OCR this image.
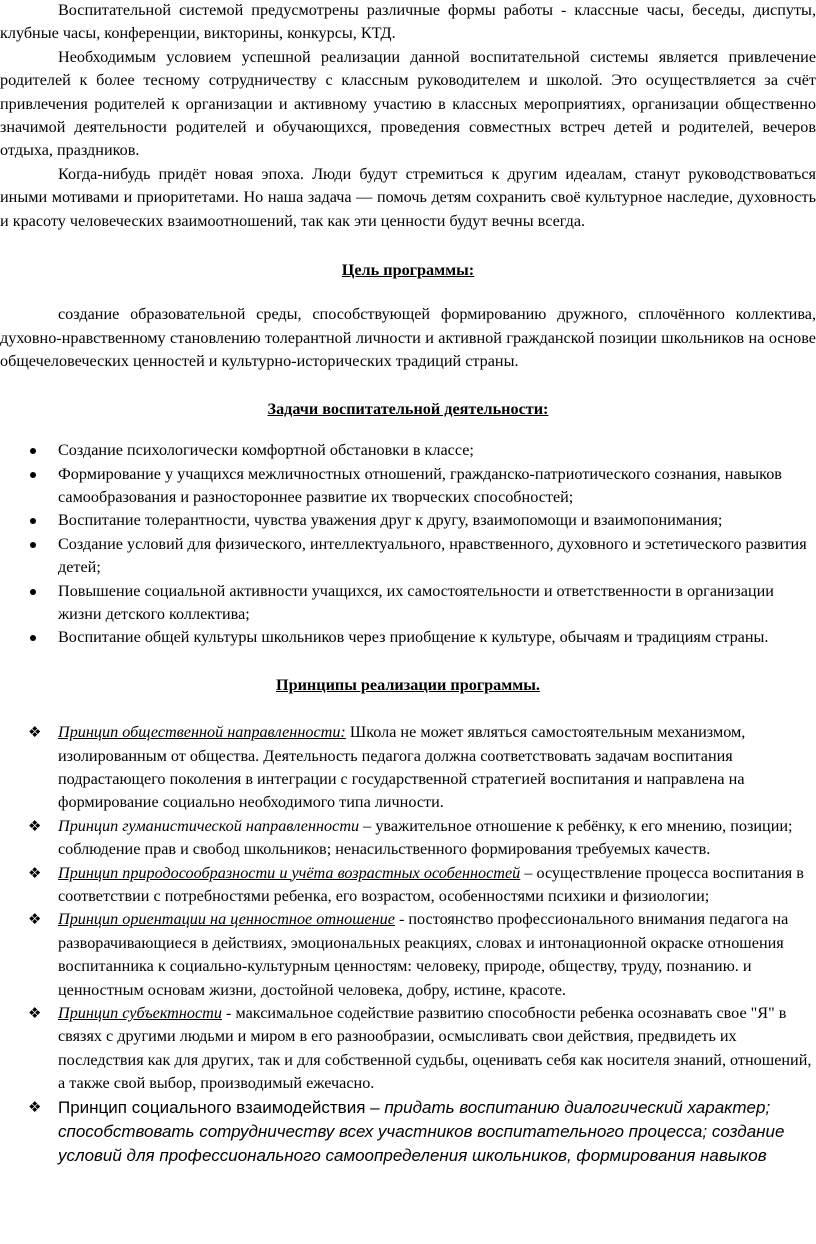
Воспитательной системой предусмотрены различные формы работы - классные часы, беседы, диспуты, клубные часы, конференции, викторины, конкурсы, КТД.

Необходимым условием успешной реализации данной воспитательной системы является привлечение родителей к более тесному сотрудничеству с классным руководителем и школой. Это осуществляется за счёт привлечения родителей к организации и активному участию в классных мероприятиях, организации общественно значимой деятельности родителей и обучающихся, проведения совместных встреч детей и родителей, вечеров отдыха, праздников.

Когда-нибудь придёт новая эпоха. Люди будут стремиться к другим идеалам, станут руководствоваться иными мотивами и приоритетами. Но наша задача — помочь детям сохранить своё культурное наследие, духовность и красоту человеческих взаимоотношений, так как эти ценности будут вечны всегда.

Цель программы:

создание образовательной среды, способствующей формированию дружного, сплочённого коллектива, духовно-нравственному становлению толерантной личности и активной гражданской позиции школьников на основе общечеловеческих ценностей и культурно-исторических традиций страны.

Задачи воспитательной деятельности:

Создание психологически комфортной обстановки в классе;
Формирование у учащихся межличностных отношений, гражданско-патриотического сознания, навыков самообразования и разностороннее развитие их творческих способностей;
Воспитание толерантности, чувства уважения друг к другу, взаимопомощи и взаимопонимания;
Создание условий для физического, интеллектуального, нравственного, духовного и эстетического развития детей;
Повышение социальной активности учащихся, их самостоятельности и ответственности в организации жизни детского коллектива;
Воспитание общей культуры школьников через приобщение к культуре, обычаям и традициям страны.

Принципы реализации программы.

❖ Принцип общественной направленности: Школа не может являться самостоятельным механизмом, изолированным от общества. Деятельность педагога должна соответствовать задачам воспитания подрастающего поколения в интеграции с государственной стратегией воспитания и направлена на формирование социально необходимого типа личности.
❖ Принцип гуманистической направленности – уважительное отношение к ребёнку, к его мнению, позиции; соблюдение прав и свобод школьников; ненасильственного формирования требуемых качеств.
❖ Принцип природосообразности и учёта возрастных особенностей – осуществление процесса воспитания в соответствии с потребностями ребенка, его возрастом, особенностями психики и физиологии;
❖ Принцип ориентации на ценностное отношение - постоянство профессионального внимания педагога на разворачивающиеся в действиях, эмоциональных реакциях, словах и интонационной окраске отношения воспитанника к социально-культурным ценностям: человеку, природе, обществу, труду, познанию. и ценностным основам жизни, достойной человека, добру, истине, красоте.
❖ Принцип субъектности - максимальное содействие развитию способности ребенка осознавать свое "Я" в связях с другими людьми и миром в его разнообразии, осмысливать свои действия, предвидеть их последствия как для других, так и для собственной судьбы, оценивать себя как носителя знаний, отношений, а также свой выбор, производимый ежечасно.
❖ Принцип социального взаимодействия – придать воспитанию диалогический характер; способствовать сотрудничеству всех участников воспитательного процесса; создание условий для профессионального самоопределения школьников, формирования навыков
